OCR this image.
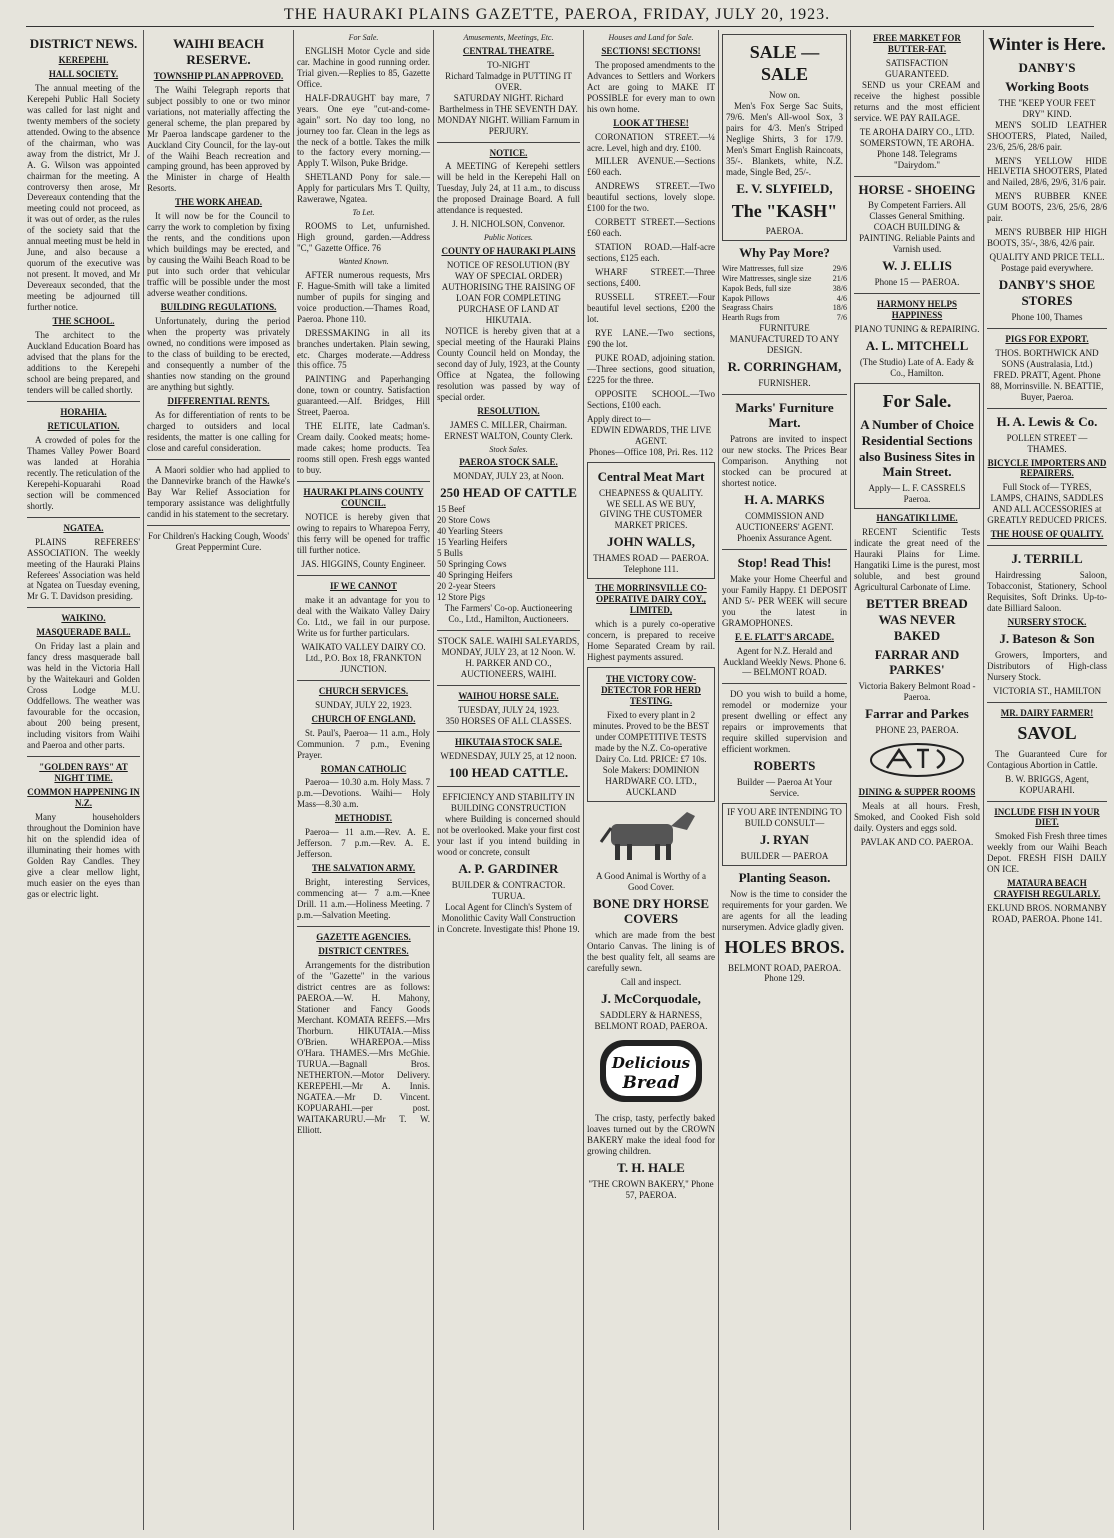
THE HAURAKI PLAINS GAZETTE, PAEROA, FRIDAY, JULY 20, 1923.
DISTRICT NEWS.
KEREPEHI.
HALL SOCIETY.

The annual meeting of the Kerepehi Public Hall Society was called for last night and twenty members of the society attended. Owing to the absence of the chairman, who was away from the district, Mr J. A. G. Wilson was appointed chairman for the meeting. A controversy then arose, Mr Devereaux contending that the meeting could not proceed, as it was out of order, as the rules of the society said that the annual meeting must be held in June, and also because a quorum of the executive was not present. It moved, and Mr Devereaux seconded, that the meeting be adjourned till further notice.

THE SCHOOL.

The architect to the Auckland Education Board has advised that the plans for the additions to the Kerepehi school are being prepared, and tenders will be called shortly.

HORAHIA.
RETICULATION.

A crowded of poles for the Thames Valley Power Board was landed at Horahia recently. The reticulation of the Kerepehi-Kopuarahi Road section will be commenced shortly.

NGATEA.

PLAINS REFEREES' ASSOCIATION. The weekly meeting of the Hauraki Plains Referees' Association was held at Ngatea on Tuesday evening, Mr G. T. Davidson presiding.

WAIKINO.
MASQUERADE BALL.

On Friday last a plain and fancy dress masquerade ball was held in the Victoria Hall by the Waitekauri and Golden Cross Lodge M.U. Oddfellows. The weather was favourable for the occasion, about 200 being present, including visitors from Waihi and Paeroa and other parts.

"GOLDEN RAYS" AT NIGHT TIME.
COMMON HAPPENING IN N.Z.

Many householders throughout the Dominion have hit on the splendid idea of illuminating their homes with Golden Ray Candles. They give a clear mellow light, much easier on the eyes than gas or electric light.

WAIHI BEACH RESERVE.
TOWNSHIP PLAN APPROVED.

The Waihi Telegraph reports that subject possibly to one or two minor variations, not materially affecting the general scheme, the plan prepared by Mr Paeroa landscape gardener to the Auckland City Council, for the lay-out of the Waihi Beach recreation and camping ground, has been approved by the Minister in charge of Health Resorts.

THE WORK AHEAD.

It will now be for the Council to carry the work to completion by fixing the rents, and the conditions upon which buildings may be erected, and by causing the Waihi Beach Road to be put into such order that vehicular traffic will be possible under the most adverse weather conditions.

BUILDING REGULATIONS.

Unfortunately, during the period when the property was privately owned, no conditions were imposed as to the class of building to be erected, and consequently a number of the shanties now standing on the ground are anything but sightly.

DIFFERENTIAL RENTS.

As for differentiation of rents to be charged to outsiders and local residents, the matter is one calling for close and careful consideration.

A Maori soldier who had applied to the Dannevirke branch of the Hawke's Bay War Relief Association for temporary assistance was delightfully candid in his statement to the secretary.

For Children's Hacking Cough, Woods' Great Peppermint Cure.
For Sale.

ENGLISH Motor Cycle and side car. Machine in good running order. Trial given.—Replies to 85, Gazette Office.

HALF-DRAUGHT bay mare, 7 years. One eye "cut-and-come-again" sort. No day too long, no journey too far. Clean in the legs as the neck of a bottle. Takes the milk to the factory every morning.—Apply T. Wilson, Puke Bridge.

SHETLAND Pony for sale.— Apply for particulars Mrs T. Quilty, Rawerawe, Ngatea.

To Let.

ROOMS to Let, unfurnished. High ground, garden.—Address "C," Gazette Office. 76

Wanted Known.

AFTER numerous requests, Mrs F. Hague-Smith will take a limited number of pupils for singing and voice production.—Thames Road, Paeroa. Phone 110.

DRESSMAKING in all its branches undertaken. Plain sewing, etc. Charges moderate.—Address this office. 75

PAINTING and Paperhanging done, town or country. Satisfaction guaranteed.—Alf. Bridges, Hill Street, Paeroa.

THE ELITE, late Cadman's. Cream daily. Cooked meats; home-made cakes; home products. Tea rooms still open. Fresh eggs wanted to buy.

HAURAKI PLAINS COUNTY COUNCIL.

NOTICE is hereby given that owing to repairs to Wharepoa Ferry, this ferry will be opened for traffic till further notice.

JAS. HIGGINS, County Engineer.
IF WE CANNOT

make it an advantage for you to deal with the Waikato Valley Dairy Co. Ltd., we fail in our purpose. Write us for further particulars.

WAIKATO VALLEY DAIRY CO. Ltd., P.O. Box 18, FRANKTON JUNCTION.
CHURCH SERVICES.
SUNDAY, JULY 22, 1923.
CHURCH OF ENGLAND.

St. Paul's, Paeroa— 11 a.m., Holy Communion. 7 p.m., Evening Prayer.

ROMAN CATHOLIC

Paeroa— 10.30 a.m. Holy Mass. 7 p.m.—Devotions. Waihi— Holy Mass—8.30 a.m.

METHODIST.

Paeroa— 11 a.m.—Rev. A. E. Jefferson. 7 p.m.—Rev. A. E. Jefferson.

THE SALVATION ARMY.

Bright, interesting Services, commencing at— 7 a.m.—Knee Drill. 11 a.m.—Holiness Meeting. 7 p.m.—Salvation Meeting.

GAZETTE AGENCIES.
DISTRICT CENTRES.

Arrangements for the distribution of the "Gazette" in the various district centres are as follows: PAEROA.—W. H. Mahony, Stationer and Fancy Goods Merchant. KOMATA REEFS.—Mrs Thorburn. HIKUTAIA.—Miss O'Brien. WHAREPOA.—Miss O'Hara. THAMES.—Mrs McGhie. TURUA.—Bagnall Bros. NETHERTON.—Motor Delivery. KEREPEHI.—Mr A. Innis. NGATEA.—Mr D. Vincent. KOPUARAHI.—per post. WAITAKARURU.—Mr T. W. Elliott.

Amusements, Meetings, Etc.
CENTRAL THEATRE.
TO-NIGHT
Richard Talmadge in PUTTING IT OVER.
SATURDAY NIGHT. Richard Barthelmess in THE SEVENTH DAY.
MONDAY NIGHT. William Farnum in PERJURY.
NOTICE.

A MEETING of Kerepehi settlers will be held in the Kerepehi Hall on Tuesday, July 24, at 11 a.m., to discuss the proposed Drainage Board. A full attendance is requested.

J. H. NICHOLSON, Convenor.
Public Notices.
COUNTY OF HAURAKI PLAINS
NOTICE OF RESOLUTION (BY WAY OF SPECIAL ORDER) AUTHORISING THE RAISING OF LOAN FOR COMPLETING PURCHASE OF LAND AT HIKUTAIA.

NOTICE is hereby given that at a special meeting of the Hauraki Plains County Council held on Monday, the second day of July, 1923, at the County Office at Ngatea, the following resolution was passed by way of special order.

RESOLUTION.
JAMES C. MILLER, Chairman. ERNEST WALTON, County Clerk.
Stock Sales.
PAEROA STOCK SALE.
MONDAY, JULY 23, at Noon.
250 HEAD OF CATTLE
15 Beef
20 Store Cows
40 Yearling Steers
15 Yearling Heifers
5 Bulls
50 Springing Cows
40 Springing Heifers
20 2-year Steers
12 Store Pigs
The Farmers' Co-op. Auctioneering Co., Ltd., Hamilton, Auctioneers.
STOCK SALE. WAIHI SALEYARDS, MONDAY, JULY 23, at 12 Noon. W. H. PARKER AND CO., AUCTIONEERS, WAIHI.
WAIHOU HORSE SALE.
TUESDAY, JULY 24, 1923.
350 HORSES OF ALL CLASSES.
HIKUTAIA STOCK SALE.
WEDNESDAY, JULY 25, at 12 noon.
100 HEAD CATTLE.
EFFICIENCY AND STABILITY IN BUILDING CONSTRUCTION

where Building is concerned should not be overlooked. Make your first cost your last if you intend building in wood or concrete, consult

A. P. GARDINER
BUILDER & CONTRACTOR. TURUA.
Local Agent for Clinch's System of Monolithic Cavity Wall Construction in Concrete. Investigate this! Phone 19.
Houses and Land for Sale.
SECTIONS! SECTIONS!

The proposed amendments to the Advances to Settlers and Workers Act are going to MAKE IT POSSIBLE for every man to own his own home.

LOOK AT THESE!

CORONATION STREET.—¼ acre. Level, high and dry. £100.

MILLER AVENUE.—Sections £60 each.

ANDREWS STREET.—Two beautiful sections, lovely slope. £100 for the two.

CORBETT STREET.—Sections £60 each.

STATION ROAD.—Half-acre sections, £125 each.

WHARF STREET.—Three sections, £400.

RUSSELL STREET.—Four beautiful level sections, £200 the lot.

RYE LANE.—Two sections, £90 the lot.

PUKE ROAD, adjoining station.—Three sections, good situation, £225 for the three.

OPPOSITE SCHOOL.—Two Sections, £100 each.

Apply direct to—
EDWIN EDWARDS, THE LIVE AGENT.
Phones—Office 108, Pri. Res. 112
Central Meat Mart
CHEAPNESS & QUALITY. WE SELL AS WE BUY, GIVING THE CUSTOMER MARKET PRICES.
JOHN WALLS,
THAMES ROAD — PAEROA. Telephone 111.
THE MORRINSVILLE CO-OPERATIVE DAIRY COY., LIMITED,

which is a purely co-operative concern, is prepared to receive Home Separated Cream by rail. Highest payments assured.

THE VICTORY COW-DETECTOR FOR HERD TESTING.
Fixed to every plant in 2 minutes. Proved to be the BEST under COMPETITIVE TESTS made by the N.Z. Co-operative Dairy Co. Ltd. PRICE: £7 10s.
Sole Makers: DOMINION HARDWARE CO. LTD., AUCKLAND
A Good Animal is Worthy of a Good Cover.
BONE DRY HORSE COVERS

which are made from the best Ontario Canvas. The lining is of the best quality felt, all seams are carefully sewn.

Call and inspect.
J. McCorquodale,
SADDLERY & HARNESS, BELMONT ROAD, PAEROA.
Delicious
Bread

The crisp, tasty, perfectly baked loaves turned out by the CROWN BAKERY make the ideal food for growing children.

T. H. HALE
"THE CROWN BAKERY," Phone 57, PAEROA.
SALE — SALE
Now on.

Men's Fox Serge Sac Suits, 79/6. Men's All-wool Sox, 3 pairs for 4/3. Men's Striped Neglige Shirts, 3 for 17/9. Men's Smart English Raincoats, 35/-. Blankets, white, N.Z. made, Single Bed, 25/-.

E. V. SLYFIELD,
The "KASH"
PAEROA.
Why Pay More?
Wire Mattresses, full size	29/6
Wire Mattresses, single size	21/6
Kapok Beds, full size	38/6
Kapok Pillows	4/6
Seagrass Chairs	18/6
Hearth Rugs from	7/6
FURNITURE MANUFACTURED TO ANY DESIGN.
R. CORRINGHAM,
FURNISHER.
Marks' Furniture Mart.

Patrons are invited to inspect our new stocks. The Prices Bear Comparison. Anything not stocked can be procured at shortest notice.

H. A. MARKS
COMMISSION AND AUCTIONEERS' AGENT. Phoenix Assurance Agent.
Stop! Read This!

Make your Home Cheerful and your Family Happy. £1 DEPOSIT AND 5/- PER WEEK will secure you the latest in GRAMOPHONES.

F. E. FLATT'S ARCADE.
Agent for N.Z. Herald and Auckland Weekly News. Phone 6. — BELMONT ROAD.

DO you wish to build a home, remodel or modernize your present dwelling or effect any repairs or improvements that require skilled supervision and efficient workmen.

ROBERTS
Builder — Paeroa At Your Service.
IF YOU ARE INTENDING TO BUILD CONSULT—
J. RYAN
BUILDER — PAEROA
Planting Season.

Now is the time to consider the requirements for your garden. We are agents for all the leading nurserymen. Advice gladly given.

HOLES BROS.
BELMONT ROAD, PAEROA. Phone 129.
FREE MARKET FOR BUTTER-FAT.
SATISFACTION GUARANTEED.

SEND us your CREAM and receive the highest possible returns and the most efficient service. WE PAY RAILAGE.

TE AROHA DAIRY CO., LTD. SOMERSTOWN, TE AROHA. Phone 148. Telegrams "Dairydom."
HORSE - SHOEING
By Competent Farriers. All Classes General Smithing. COACH BUILDING & PAINTING. Reliable Paints and Varnish used.
W. J. ELLIS
Phone 15 — PAEROA.
HARMONY HELPS HAPPINESS
PIANO TUNING & REPAIRING.
A. L. MITCHELL
(The Studio) Late of A. Eady & Co., Hamilton.
For Sale.
A Number of Choice Residential Sections also Business Sites in Main Street.
Apply— L. F. CASSRELS Paeroa.
HANGATIKI LIME.

RECENT Scientific Tests indicate the great need of the Hauraki Plains for Lime. Hangatiki Lime is the purest, most soluble, and best ground Agricultural Carbonate of Lime.

BETTER BREAD WAS NEVER BAKED
FARRAR AND PARKES'
Victoria Bakery Belmont Road - Paeroa.
Farrar and Parkes
PHONE 23, PAEROA.
DINING & SUPPER ROOMS

Meals at all hours. Fresh, Smoked, and Cooked Fish sold daily. Oysters and eggs sold.

PAVLAK AND CO. PAEROA.
Winter is Here.
DANBY'S
Working Boots
THE "KEEP YOUR FEET DRY" KIND.

MEN'S SOLID LEATHER SHOOTERS, Plated, Nailed, 23/6, 25/6, 28/6 pair.

MEN'S YELLOW HIDE HELVETIA SHOOTERS, Plated and Nailed, 28/6, 29/6, 31/6 pair.

MEN'S RUBBER KNEE GUM BOOTS, 23/6, 25/6, 28/6 pair.

MEN'S RUBBER HIP HIGH BOOTS, 35/-, 38/6, 42/6 pair.

QUALITY AND PRICE TELL. Postage paid everywhere.
DANBY'S SHOE STORES
Phone 100, Thames
PIGS FOR EXPORT.
THOS. BORTHWICK AND SONS (Australasia, Ltd.)
FRED. PRATT, Agent. Phone 88, Morrinsville. N. BEATTIE, Buyer, Paeroa.
H. A. Lewis & Co.
POLLEN STREET — THAMES.
BICYCLE IMPORTERS AND REPAIRERS.
Full Stock of— TYRES, LAMPS, CHAINS, SADDLES AND ALL ACCESSORIES at GREATLY REDUCED PRICES.
THE HOUSE OF QUALITY.
J. TERRILL

Hairdressing Saloon, Tobacconist, Stationery, School Requisites, Soft Drinks. Up-to-date Billiard Saloon.

NURSERY STOCK.
J. Bateson & Son

Growers, Importers, and Distributors of High-class Nursery Stock.

VICTORIA ST., HAMILTON
MR. DAIRY FARMER!
SAVOL

The Guaranteed Cure for Contagious Abortion in Cattle.

B. W. BRIGGS, Agent, KOPUARAHI.
INCLUDE FISH IN YOUR DIET.

Smoked Fish Fresh three times weekly from our Waihi Beach Depot. FRESH FISH DAILY ON ICE.

MATAURA BEACH CRAYFISH REGULARLY.
EKLUND BROS. NORMANBY ROAD, PAEROA. Phone 141.
